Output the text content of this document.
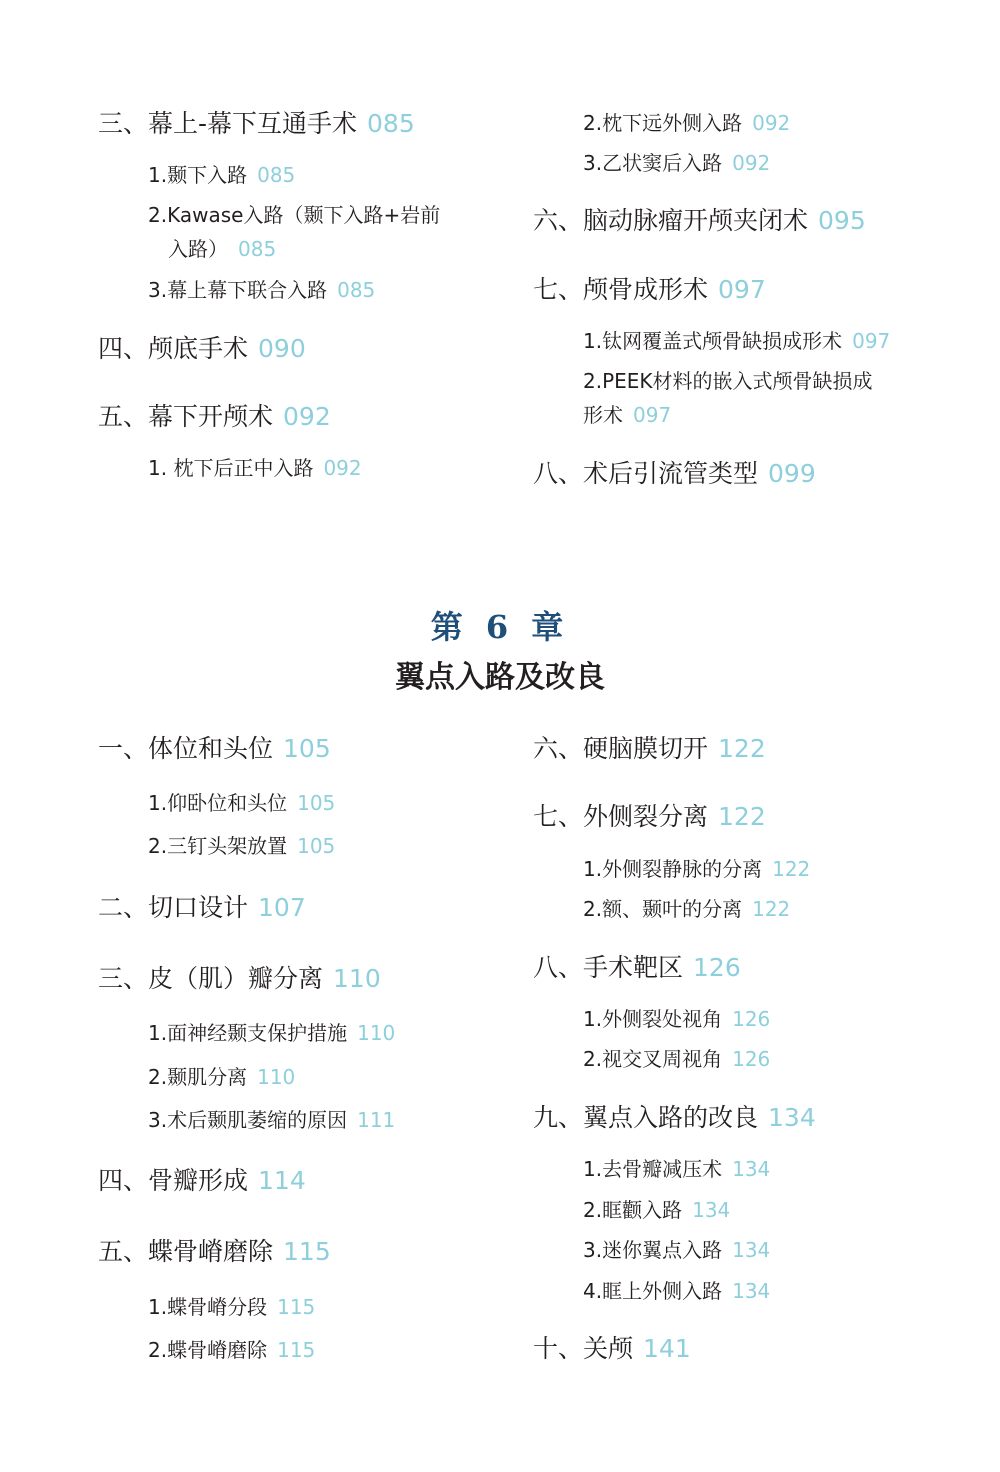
三、幕上-幕下互通手术 085
1.颞下入路 085
2.Kawase入路（颞下入路+岩前
入路） 085
3.幕上幕下联合入路 085
四、颅底手术 090
五、幕下开颅术 092
1. 枕下后正中入路 092
2.枕下远外侧入路 092
3.乙状窦后入路 092
六、脑动脉瘤开颅夹闭术 095
七、颅骨成形术 097
1.钛网覆盖式颅骨缺损成形术 097
2.PEEK材料的嵌入式颅骨缺损成
形术 097
八、术后引流管类型 099
第 6 章
翼点入路及改良
一、体位和头位 105
1.仰卧位和头位 105
2.三钉头架放置 105
二、切口设计 107
三、皮（肌）瓣分离 110
1.面神经颞支保护措施 110
2.颞肌分离 110
3.术后颞肌萎缩的原因 111
四、骨瓣形成 114
五、蝶骨嵴磨除 115
1.蝶骨嵴分段 115
2.蝶骨嵴磨除 115
六、硬脑膜切开 122
七、外侧裂分离 122
1.外侧裂静脉的分离 122
2.额、颞叶的分离 122
八、手术靶区 126
1.外侧裂处视角 126
2.视交叉周视角 126
九、翼点入路的改良 134
1.去骨瓣减压术 134
2.眶颧入路 134
3.迷你翼点入路 134
4.眶上外侧入路 134
十、关颅 141
